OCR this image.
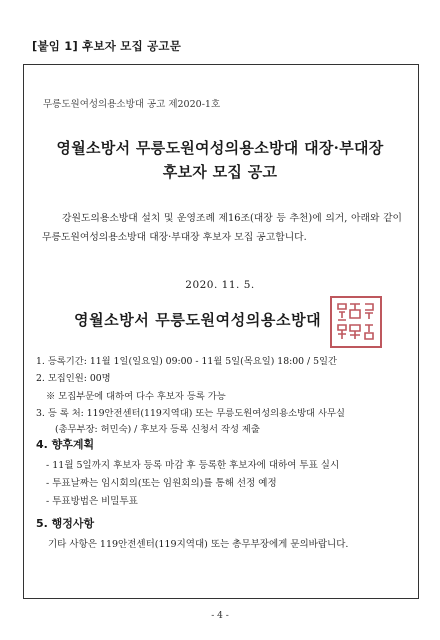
[붙임 1] 후보자 모집 공고문
무릉도원여성의용소방대 공고 제2020-1호
영월소방서 무릉도원여성의용소방대 대장·부대장
후보자 모집 공고
강원도의용소방대 설치 및 운영조례 제16조(대장 등 추천)에 의거, 아래와 같이 무릉도원여성의용소방대 대장·부대장 후보자 모집 공고합니다.
2020. 11. 5.
영월소방서 무릉도원여성의용소방대
1. 등록기간: 11월 1일(일요일) 09:00 - 11월 5일(목요일) 18:00 / 5일간
2. 모집인원: 00명
※ 모집부문에 대하여 다수 후보자 등록 가능
3. 등 록 처: 119안전센터(119지역대) 또는 무릉도원여성의용소방대 사무실
(총무부장: 허민숙) / 후보자 등록 신청서 작성 제출
4. 향후계획
- 11월 5일까지 후보자 등록 마감 후 등록한 후보자에 대하여 투표 실시
- 투표날짜는 임시회의(또는 임원회의)를 통해 선정 예정
- 투표방법은 비밀투표
5. 행정사항
기타 사항은 119안전센터(119지역대) 또는 총무부장에게 문의바랍니다.
- 4 -
